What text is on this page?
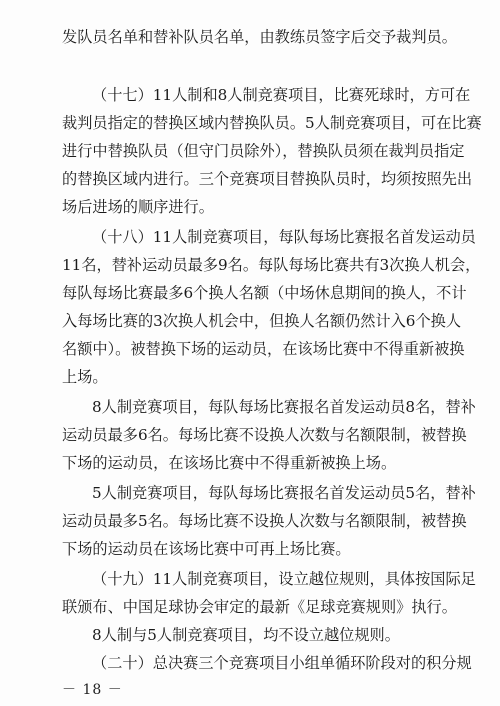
发队员名单和替补队员名单，由教练员签字后交予裁判员。
（十七）11人制和8人制竞赛项目，比赛死球时，方可在
裁判员指定的替换区域内替换队员。5人制竞赛项目，可在比赛
进行中替换队员（但守门员除外），替换队员须在裁判员指定
的替换区域内进行。三个竞赛项目替换队员时，均须按照先出
场后进场的顺序进行。
（十八）11人制竞赛项目，每队每场比赛报名首发运动员
11名，替补运动员最多9名。每队每场比赛共有3次换人机会，
每队每场比赛最多6个换人名额（中场休息期间的换人，不计
入每场比赛的3次换人机会中，但换人名额仍然计入6个换人
名额中）。被替换下场的运动员，在该场比赛中不得重新被换
上场。
8人制竞赛项目，每队每场比赛报名首发运动员8名，替补
运动员最多6名。每场比赛不设换人次数与名额限制，被替换
下场的运动员，在该场比赛中不得重新被换上场。
5人制竞赛项目，每队每场比赛报名首发运动员5名，替补
运动员最多5名。每场比赛不设换人次数与名额限制，被替换
下场的运动员在该场比赛中可再上场比赛。
（十九）11人制竞赛项目，设立越位规则，具体按国际足
联颁布、中国足球协会审定的最新《足球竞赛规则》执行。
8人制与5人制竞赛项目，均不设立越位规则。
（二十）总决赛三个竞赛项目小组单循环阶段对的积分规
－ 18 －
